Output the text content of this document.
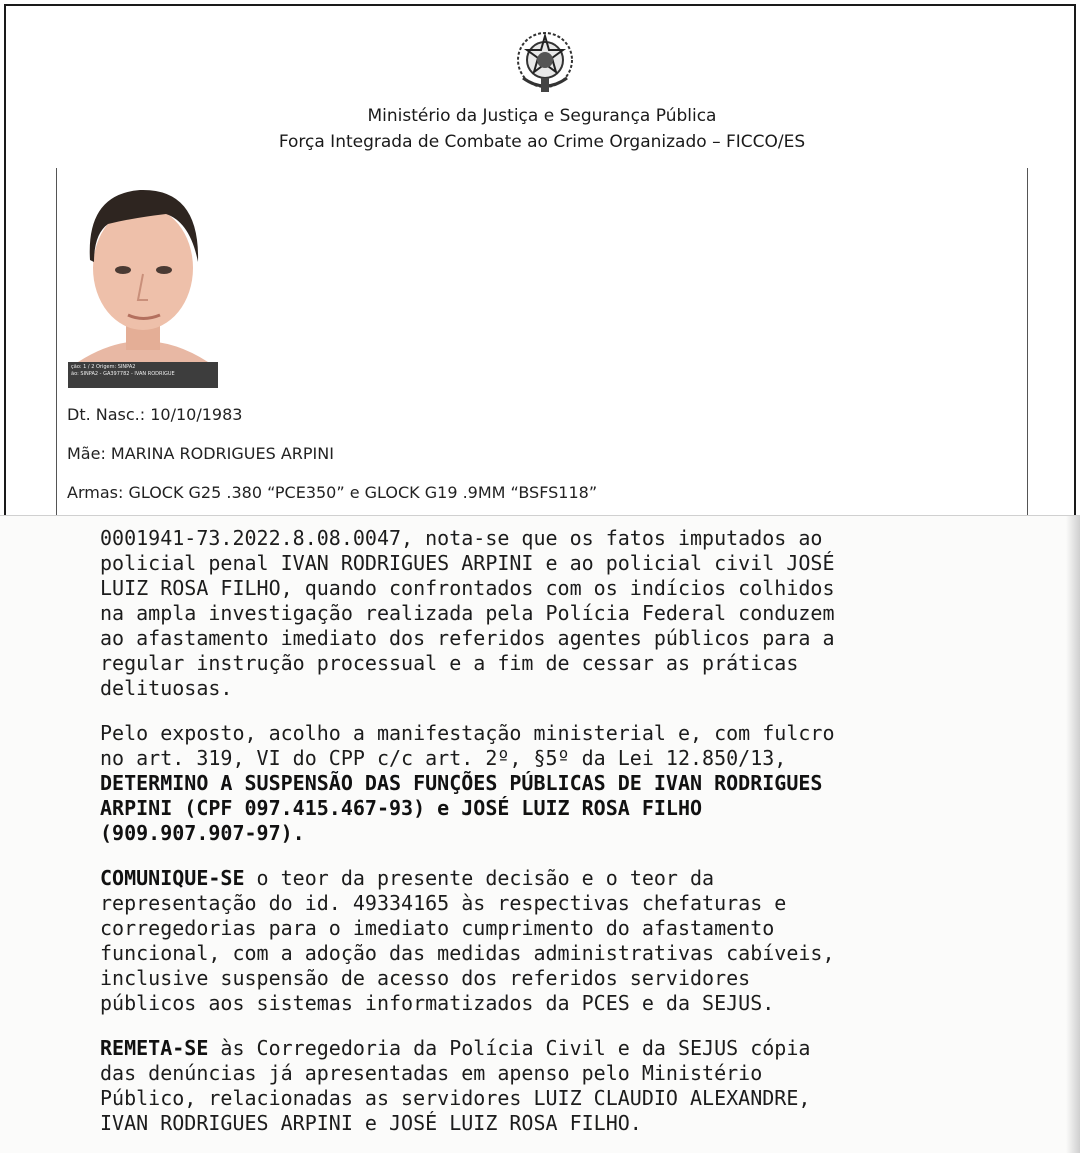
Ministério da Justiça e Segurança Pública
Força Integrada de Combate ao Crime Organizado – FICCO/ES
ção: 1 / 2 Origem: SINPA2
ão: SINPA2 - GA397782 - IVAN RODRIGUE
Dt. Nasc.: 10/10/1983
Mãe: MARINA RODRIGUES ARPINI
Armas: GLOCK G25 .380 “PCE350” e GLOCK G19 .9MM “BSFS118”

0001941-73.2022.8.08.0047, nota-se que os fatos imputados ao
policial penal IVAN RODRIGUES ARPINI e ao policial civil JOSÉ
LUIZ ROSA FILHO, quando confrontados com os indícios colhidos
na ampla investigação realizada pela Polícia Federal conduzem
ao afastamento imediato dos referidos agentes públicos para a
regular instrução processual e a fim de cessar as práticas
delituosas.

Pelo exposto, acolho a manifestação ministerial e, com fulcro
no art. 319, VI do CPP c/c art. 2º, §5º da Lei 12.850/13,
DETERMINO A SUSPENSÃO DAS FUNÇÕES PÚBLICAS DE IVAN RODRIGUES
ARPINI (CPF 097.415.467-93) e JOSÉ LUIZ ROSA FILHO
(909.907.907-97).

COMUNIQUE-SE o teor da presente decisão e o teor da
representação do id. 49334165 às respectivas chefaturas e
corregedorias para o imediato cumprimento do afastamento
funcional, com a adoção das medidas administrativas cabíveis,
inclusive suspensão de acesso dos referidos servidores
públicos aos sistemas informatizados da PCES e da SEJUS.

REMETA-SE às Corregedoria da Polícia Civil e da SEJUS cópia
das denúncias já apresentadas em apenso pelo Ministério
Público, relacionadas as servidores LUIZ CLAUDIO ALEXANDRE,
IVAN RODRIGUES ARPINI e JOSÉ LUIZ ROSA FILHO.
